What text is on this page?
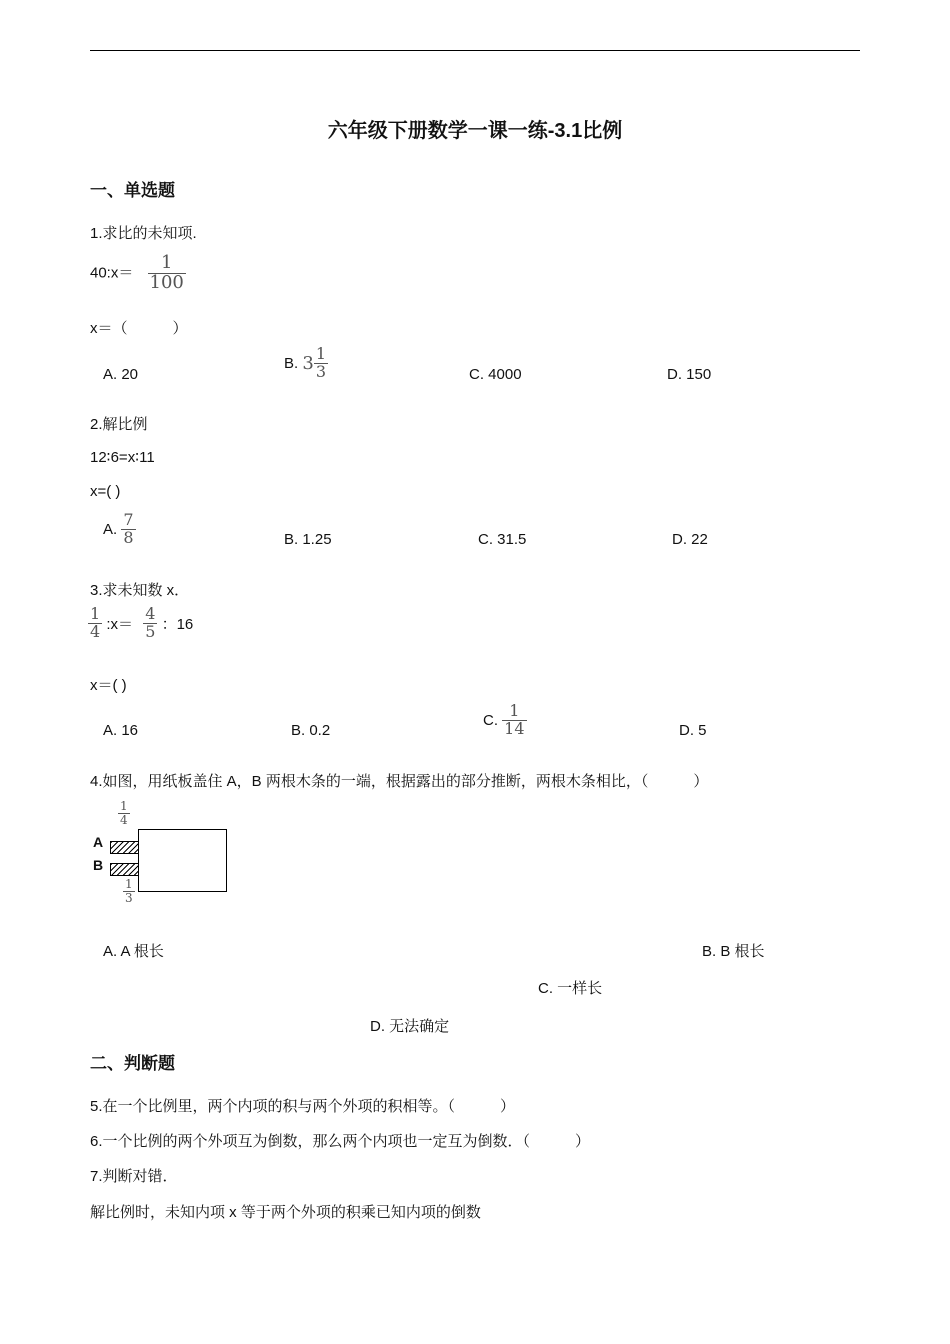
六年级下册数学一课一练-3.1比例
一、单选题
1.求比的未知项.
40:x＝ $\frac{1}{100}$
x＝（　　　）
A. 20
B. $3 \frac{1}{3}$	C. 4000	D. 150
2.解比例
12∶6=x∶11
x=( )
A. $\frac{7}{8}$	B. 1.25	C. 31.5	D. 22
3.求未知数 x．
$\frac{1}{4}$ :x＝ $\frac{4}{5}$ ：16
x＝( )
A. 16	B. 0.2
C. $\frac{1}{14}$	D. 5
4.如图，用纸板盖住 A，B 两根木条的一端，根据露出的部分推断，两根木条相比，（　　　）
$\frac{1}{4}$
A
B
$\frac{1}{3}$
A. A 根长	B. B 根长
C. 一样长
D. 无法确定
二、判断题
5.在一个比例里，两个内项的积与两个外项的积相等。（　　　）
6.一个比例的两个外项互为倒数，那么两个内项也一定互为倒数．（　　　）
7.判断对错．
解比例时，未知内项 x 等于两个外项的积乘已知内项的倒数
